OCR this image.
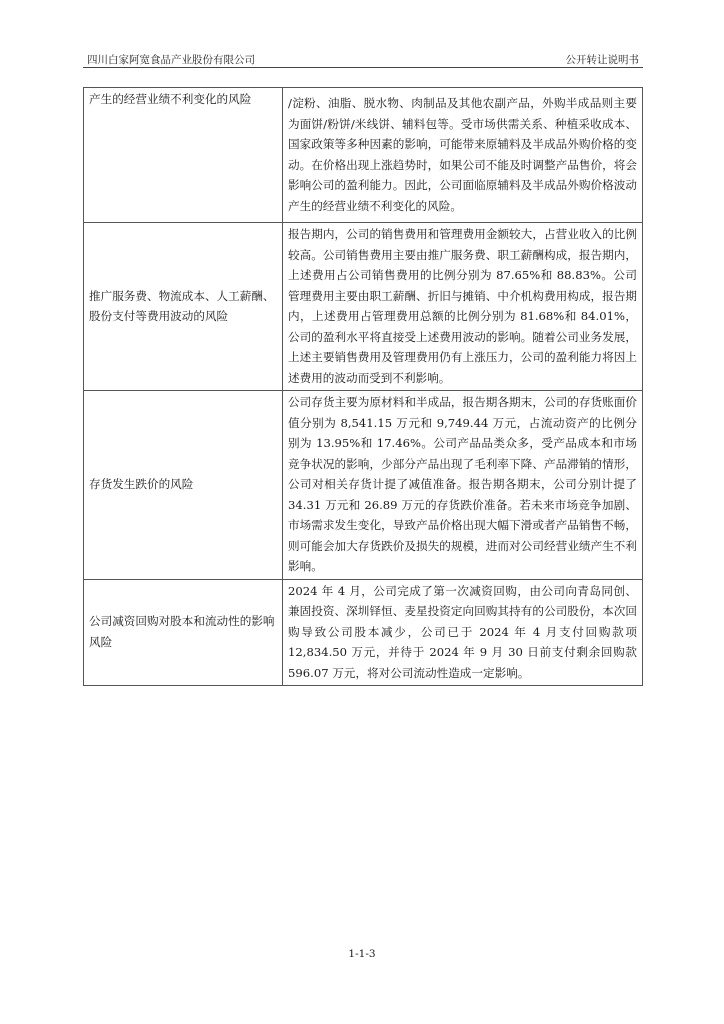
四川白家阿宽食品产业股份有限公司	公开转让说明书
产生的经营业绩不利变化的风险	/淀粉、油脂、脱水物、肉制品及其他农副产品，外购半成品则主要为面饼/粉饼/米线饼、辅料包等。受市场供需关系、种植采收成本、国家政策等多种因素的影响，可能带来原辅料及半成品外购价格的变动。在价格出现上涨趋势时，如果公司不能及时调整产品售价，将会影响公司的盈利能力。因此，公司面临原辅料及半成品外购价格波动产生的经营业绩不利变化的风险。
推广服务费、物流成本、人工薪酬、股份支付等费用波动的风险	报告期内，公司的销售费用和管理费用金额较大，占营业收入的比例较高。公司销售费用主要由推广服务费、职工薪酬构成，报告期内，上述费用占公司销售费用的比例分别为 87.65%和 88.83%。公司管理费用主要由职工薪酬、折旧与摊销、中介机构费用构成，报告期内，上述费用占管理费用总额的比例分别为 81.68%和 84.01%，公司的盈利水平将直接受上述费用波动的影响。随着公司业务发展，上述主要销售费用及管理费用仍有上涨压力，公司的盈利能力将因上述费用的波动而受到不利影响。
存货发生跌价的风险	公司存货主要为原材料和半成品，报告期各期末，公司的存货账面价值分别为 8,541.15 万元和 9,749.44 万元，占流动资产的比例分别为 13.95%和 17.46%。公司产品品类众多，受产品成本和市场竞争状况的影响，少部分产品出现了毛利率下降、产品滞销的情形，公司对相关存货计提了减值准备。报告期各期末，公司分别计提了 34.31 万元和 26.89 万元的存货跌价准备。若未来市场竞争加剧、市场需求发生变化，导致产品价格出现大幅下滑或者产品销售不畅，则可能会加大存货跌价及损失的规模，进而对公司经营业绩产生不利影响。
公司减资回购对股本和流动性的影响风险	2024 年 4 月，公司完成了第一次减资回购，由公司向青岛同创、兼固投资、深圳铎恒、麦星投资定向回购其持有的公司股份，本次回购导致公司股本减少，公司已于 2024 年 4 月支付回购款项 12,834.50 万元，并待于 2024 年 9 月 30 日前支付剩余回购款 596.07 万元，将对公司流动性造成一定影响。
1-1-3
